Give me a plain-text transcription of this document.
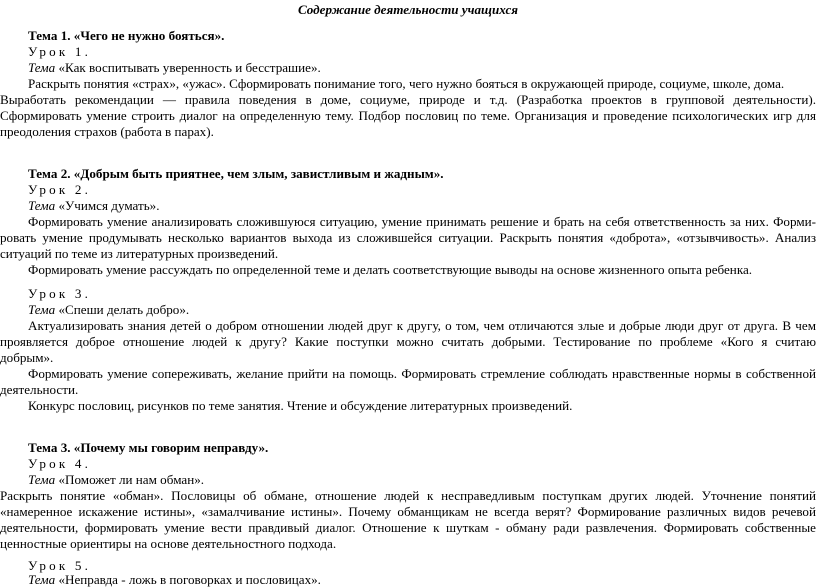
Содержание деятельности учащихся
Тема 1. «Чего не нужно бояться».
Урок 1.
Тема «Как воспитывать уверенность и бесстрашие».
Раскрыть понятия «страх», «ужас». Сформировать понимание того, чего нужно бояться в окружающей природе, социуме, школе, дома.
Выработать рекомендации — правила поведения в доме, социуме, природе и т.д. (Разработка проектов в групповой деятельности).
Сформировать умение строить диалог на определенную тему. Подбор пословиц по теме. Организация и проведение психологических игр для
преодоления страхов (работа в парах).
Тема 2. «Добрым быть приятнее, чем злым, завистливым и жадным».
Урок 2.
Тема «Учимся думать».
Формировать умение анализировать сложившуюся ситуацию, умение принимать решение и брать на себя ответственность за них. Форми-
ровать умение продумывать несколько вариантов выхода из сложившейся ситуации. Раскрыть понятия «доброта», «отзывчивость». Анализ
ситуаций по теме из литературных произведений.
Формировать умение рассуждать по определенной теме и делать соответствующие выводы на основе жизненного опыта ребенка.
Урок 3.
Тема «Спеши делать добро».
Актуализировать знания детей о добром отношении людей друг к другу, о том, чем отличаются злые и добрые люди друг от друга. В чем
проявляется доброе отношение людей к другу? Какие поступки можно считать добрыми. Тестирование по проблеме «Кого я считаю
добрым».
Формировать умение сопереживать, желание прийти на помощь. Формировать стремление соблюдать нравственные нормы в собственной
деятельности.
Конкурс пословиц, рисунков по теме занятия. Чтение и обсуждение литературных произведений.
Тема 3. «Почему мы говорим неправду».
Урок 4.
Тема «Поможет ли нам обман».
Раскрыть понятие «обман». Пословицы об обмане, отношение людей к несправедливым поступкам других людей. Уточнение понятий
«намеренное искажение истины», «замалчивание истины». Почему обманщикам не всегда верят? Формирование различных видов речевой
деятельности, формировать умение вести правдивый диалог. Отношение к шуткам - обману ради развлечения. Формировать собственные
ценностные ориентиры на основе деятельностного подхода.
Урок 5.
Тема «Неправда - ложь в поговорках и пословицах».
